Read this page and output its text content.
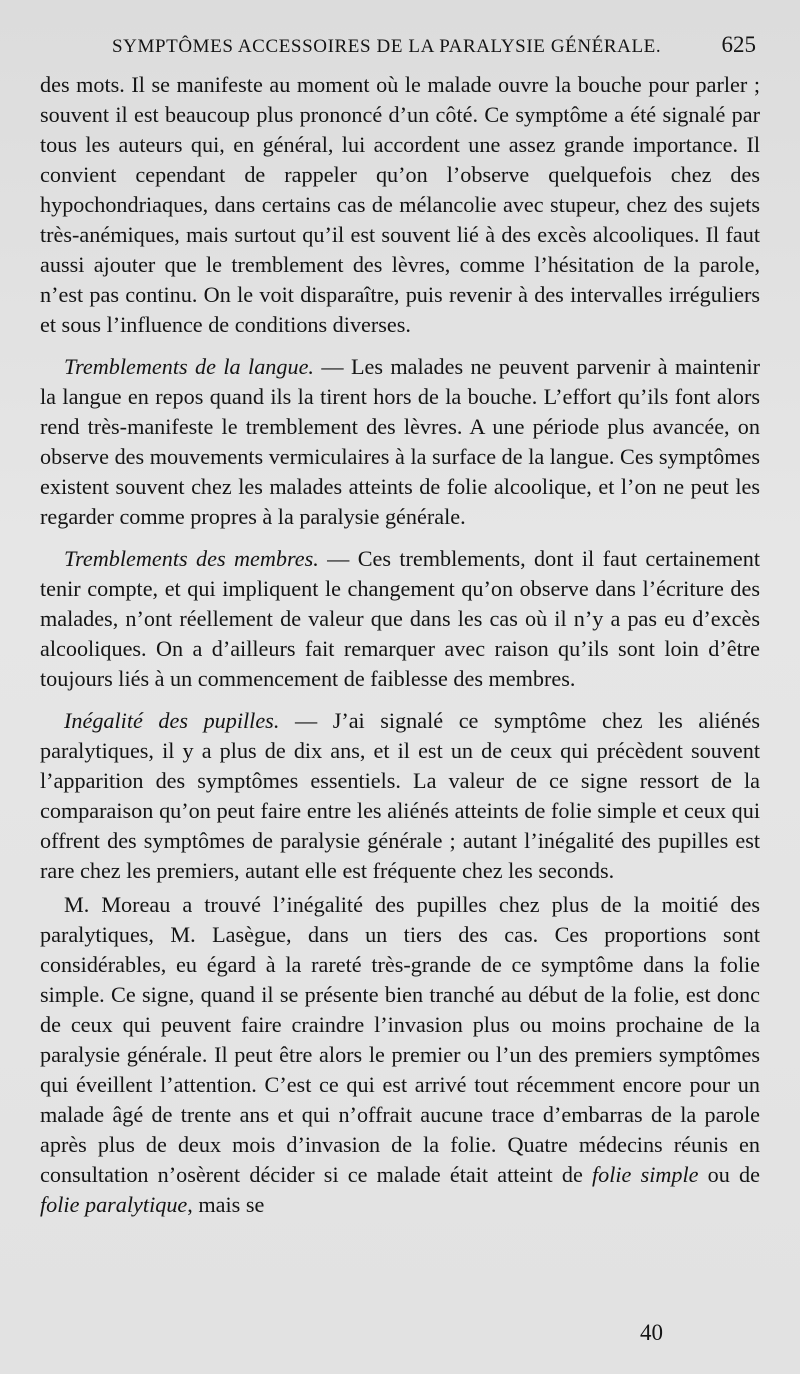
SYMPTÔMES ACCESSOIRES DE LA PARALYSIE GÉNÉRALE.	625

des mots. Il se manifeste au moment où le malade ouvre la bouche pour parler ; souvent il est beaucoup plus prononcé d’un côté. Ce symptôme a été signalé par tous les auteurs qui, en général, lui accordent une assez grande importance. Il convient cependant de rappeler qu’on l’observe quelquefois chez des hypochondriaques, dans certains cas de mélancolie avec stupeur, chez des sujets très-anémiques, mais surtout qu’il est souvent lié à des excès alcooliques. Il faut aussi ajouter que le tremblement des lèvres, comme l’hésitation de la parole, n’est pas continu. On le voit disparaître, puis revenir à des intervalles irréguliers et sous l’influence de conditions diverses.

Tremblements de la langue. — Les malades ne peuvent parvenir à maintenir la langue en repos quand ils la tirent hors de la bouche. L’effort qu’ils font alors rend très-manifeste le tremblement des lèvres. A une période plus avancée, on observe des mouvements vermiculaires à la surface de la langue. Ces symptômes existent souvent chez les malades atteints de folie alcoolique, et l’on ne peut les regarder comme propres à la paralysie générale.

Tremblements des membres. — Ces tremblements, dont il faut certainement tenir compte, et qui impliquent le changement qu’on observe dans l’écriture des malades, n’ont réellement de valeur que dans les cas où il n’y a pas eu d’excès alcooliques. On a d’ailleurs fait remarquer avec raison qu’ils sont loin d’être toujours liés à un commencement de faiblesse des membres.

Inégalité des pupilles. — J’ai signalé ce symptôme chez les aliénés paralytiques, il y a plus de dix ans, et il est un de ceux qui précèdent souvent l’apparition des symptômes essentiels. La valeur de ce signe ressort de la comparaison qu’on peut faire entre les aliénés atteints de folie simple et ceux qui offrent des symptômes de paralysie générale ; autant l’inégalité des pupilles est rare chez les premiers, autant elle est fréquente chez les seconds.

M. Moreau a trouvé l’inégalité des pupilles chez plus de la moitié des paralytiques, M. Lasègue, dans un tiers des cas. Ces proportions sont considérables, eu égard à la rareté très-grande de ce symptôme dans la folie simple. Ce signe, quand il se présente bien tranché au début de la folie, est donc de ceux qui peuvent faire craindre l’invasion plus ou moins prochaine de la paralysie générale. Il peut être alors le premier ou l’un des premiers symptômes qui éveillent l’attention. C’est ce qui est arrivé tout récemment encore pour un malade âgé de trente ans et qui n’offrait aucune trace d’embarras de la parole après plus de deux mois d’invasion de la folie. Quatre médecins réunis en consultation n’osèrent décider si ce malade était atteint de folie simple ou de folie paralytique, mais se

40
